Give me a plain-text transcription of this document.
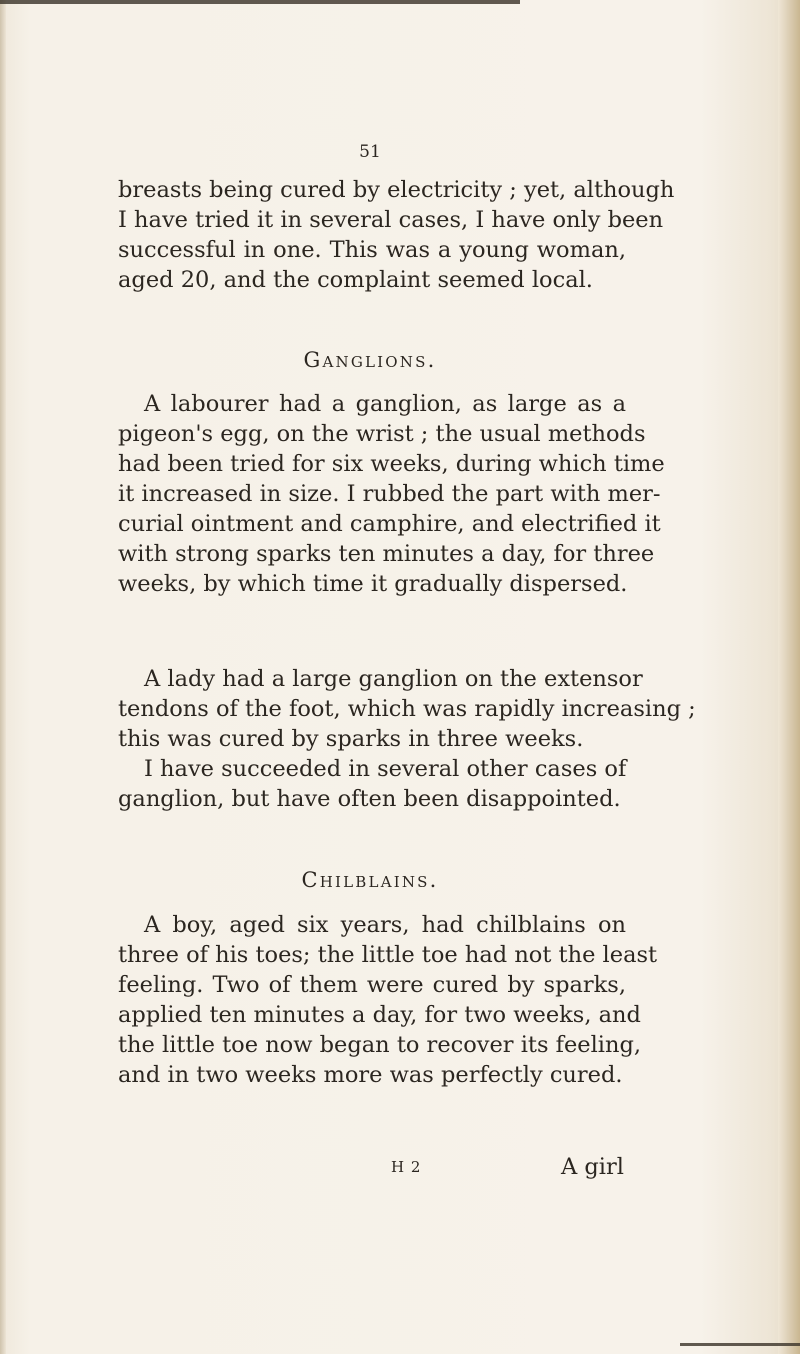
51
breasts being cured by electricity ; yet, although
I have tried it in several cases, I have only been
successful in one. This was a young woman,
aged 20, and the complaint seemed local.
Ganglions.
A labourer had a ganglion, as large as a
pigeon's egg, on the wrist ; the usual methods
had been tried for six weeks, during which time
it increased in size. I rubbed the part with mer-
curial ointment and camphire, and electrified it
with strong sparks ten minutes a day, for three
weeks, by which time it gradually dispersed.
A lady had a large ganglion on the extensor
tendons of the foot, which was rapidly increasing ;
this was cured by sparks in three weeks.
I have succeeded in several other cases of
ganglion, but have often been disappointed.
Chilblains.
A boy, aged six years, had chilblains on
three of his toes; the little toe had not the least
feeling. Two of them were cured by sparks,
applied ten minutes a day, for two weeks, and
the little toe now began to recover its feeling,
and in two weeks more was perfectly cured.
H 2	A girl
